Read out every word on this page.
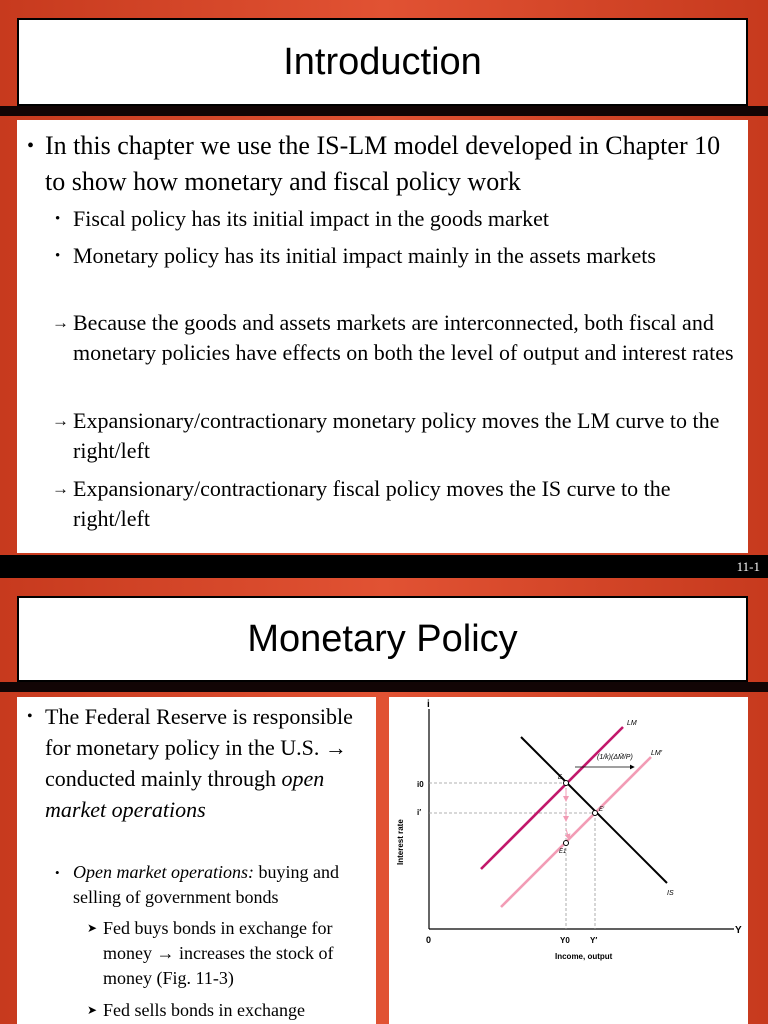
Introduction
• In this chapter we use the IS-LM model developed in Chapter 10 to show how monetary and fiscal policy work
• Fiscal policy has its initial impact in the goods market
• Monetary policy has its initial impact mainly in the assets markets
→ Because the goods and assets markets are interconnected, both fiscal and monetary policies have effects on both the level of output and interest rates
→ Expansionary/contractionary monetary policy moves the LM curve to the right/left
→ Expansionary/contractionary fiscal policy moves the IS curve to the right/left
11-1
Monetary Policy
• The Federal Reserve is responsible for monetary policy in the U.S. → conducted mainly through open market operations
• Open market operations: buying and selling of government bonds
➤ Fed buys bonds in exchange for money → increases the stock of money (Fig. 11-3)
➤ Fed sells bonds in exchange
i
Y
0
Income, output
Interest rate
(1/k)(ΔM̄/P)
LM
LM′
IS
i0
i′
Y0	Y′
E
E′
E1
